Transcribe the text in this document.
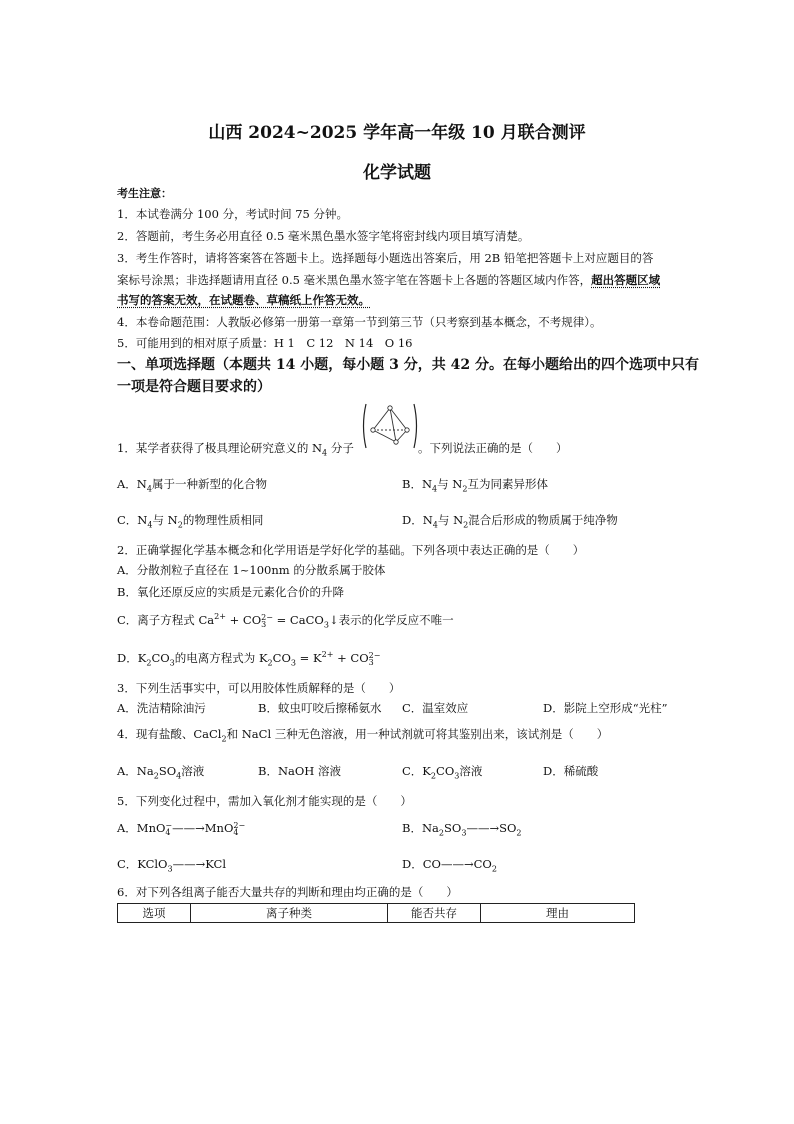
山西 2024~2025 学年高一年级 10 月联合测评
化学试题
考生注意：
1．本试卷满分 100 分，考试时间 75 分钟。
2．答题前，考生务必用直径 0.5 毫米黑色墨水签字笔将密封线内项目填写清楚。
3．考生作答时，请将答案答在答题卡上。选择题每小题选出答案后，用 2B 铅笔把答题卡上对应题目的答
案标号涂黑；非选择题请用直径 0.5 毫米黑色墨水签字笔在答题卡上各题的答题区域内作答，超出答题区域
书写的答案无效，在试题卷、草稿纸上作答无效。
4．本卷命题范围：人教版必修第一册第一章第一节到第三节（只考察到基本概念，不考规律）。
5．可能用到的相对原子质量：H 1　C 12　N 14　O 16
一、单项选择题（本题共 14 小题，每小题 3 分，共 42 分。在每小题给出的四个选项中只有
一项是符合题目要求的）
1．某学者获得了极具理论研究意义的 $N_4$ 分子	。下列说法正确的是（　　）
A．$N_4$属于一种新型的化合物	B．$N_4$与 $N_2$互为同素异形体
C．$N_4$与 $N_2$的物理性质相同	D．$N_4$与 $N_2$混合后形成的物质属于纯净物
2．正确掌握化学基本概念和化学用语是学好化学的基础。下列各项中表达正确的是（　　）
A．分散剂粒子直径在 1~100nm 的分散系属于胶体
B．氧化还原反应的实质是元素化合价的升降
C．离子方程式 $Ca^{2+}$ + CO 2−
3 = CaCO$_3$↓表示的化学反应不唯一
D．$K_2CO_3$的电离方程式为 $K_2CO_3 = K^{2+}$ + CO 2−
3
3．下列生活事实中，可以用胶体性质解释的是（　　）
A．洗洁精除油污	B．蚊虫叮咬后擦稀氨水 C．温室效应	D．影院上空形成“光柱”
4．现有盐酸、CaCl$_2$和 NaCl 三种无色溶液，用一种试剂就可将其鉴别出来，该试剂是（　　）
A．$Na_2SO_4$溶液	B．NaOH 溶液	C．$K_2CO_3$溶液	D．稀硫酸
5．下列变化过程中，需加入氧化剂才能实现的是（　　）
A．MnO −
4 ——→MnO 2−
4	B．$Na_2SO_3——\to SO_2$
C．KClO$_3$——→KCl	D．$CO——\to CO_2$
6．对下列各组离子能否大量共存的判断和理由均正确的是（　　）
选项	离子种类	能否共存	理由
